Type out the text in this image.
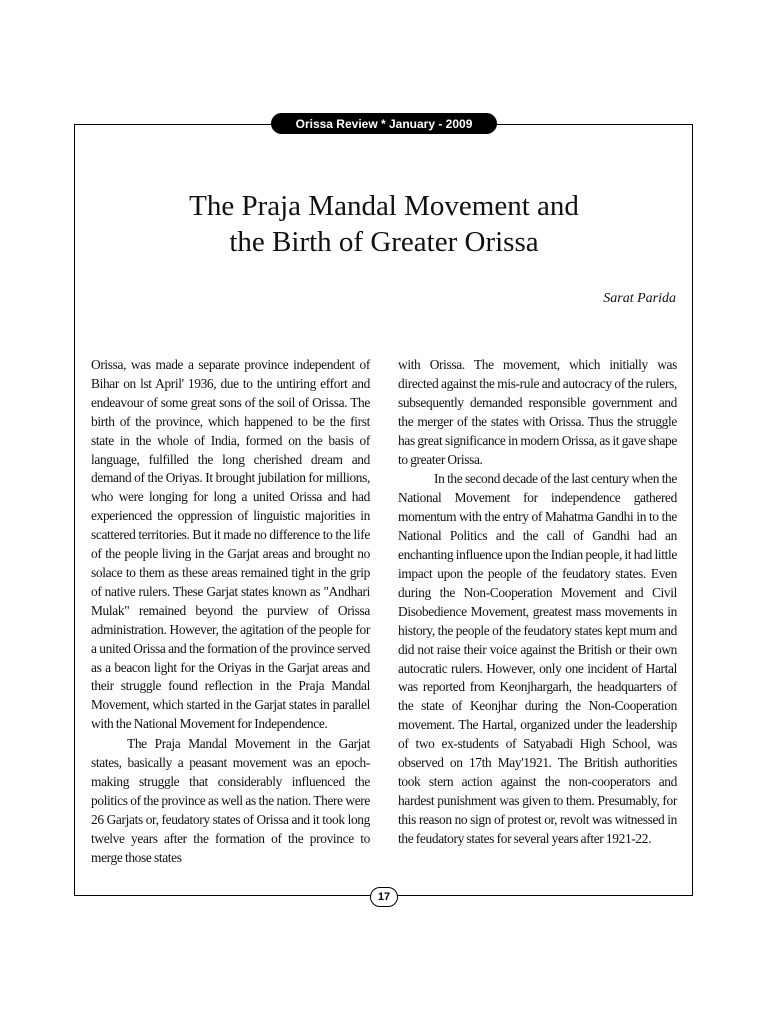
Orissa Review * January - 2009
The Praja Mandal Movement and
the Birth of Greater Orissa
Sarat Parida

Orissa, was made a separate province independent of Bihar on lst April' 1936, due to the untiring effort and endeavour of some great sons of the soil of Orissa. The birth of the province, which happened to be the first state in the whole of India, formed on the basis of language, fulfilled the long cherished dream and demand of the Oriyas. It brought jubilation for millions, who were longing for long a united Orissa and had experienced the oppression of linguistic majorities in scattered territories. But it made no difference to the life of the people living in the Garjat areas and brought no solace to them as these areas remained tight in the grip of native rulers. These Garjat states known as "Andhari Mulak" remained beyond the purview of Orissa administration. However, the agitation of the people for a united Orissa and the formation of the province served as a beacon light for the Oriyas in the Garjat areas and their struggle found reflection in the Praja Mandal Movement, which started in the Garjat states in parallel with the National Movement for Independence.

The Praja Mandal Movement in the Garjat states, basically a peasant movement was an epoch-making struggle that considerably influenced the politics of the province as well as the nation. There were 26 Garjats or, feudatory states of Orissa and it took long twelve years after the formation of the province to merge those states

with Orissa. The movement, which initially was directed against the mis-rule and autocracy of the rulers, subsequently demanded responsible government and the merger of the states with Orissa. Thus the struggle has great significance in modern Orissa, as it gave shape to greater Orissa.

In the second decade of the last century when the National Movement for independence gathered momentum with the entry of Mahatma Gandhi in to the National Politics and the call of Gandhi had an enchanting influence upon the Indian people, it had little impact upon the people of the feudatory states. Even during the Non-Cooperation Movement and Civil Disobedience Movement, greatest mass movements in history, the people of the feudatory states kept mum and did not raise their voice against the British or their own autocratic rulers. However, only one incident of Hartal was reported from Keonjhargarh, the headquarters of the state of Keonjhar during the Non-Cooperation movement. The Hartal, organized under the leadership of two ex-students of Satyabadi High School, was observed on 17th May'1921. The British authorities took stern action against the non-cooperators and hardest punishment was given to them. Presumably, for this reason no sign of protest or, revolt was witnessed in the feudatory states for several years after 1921-22.

17
